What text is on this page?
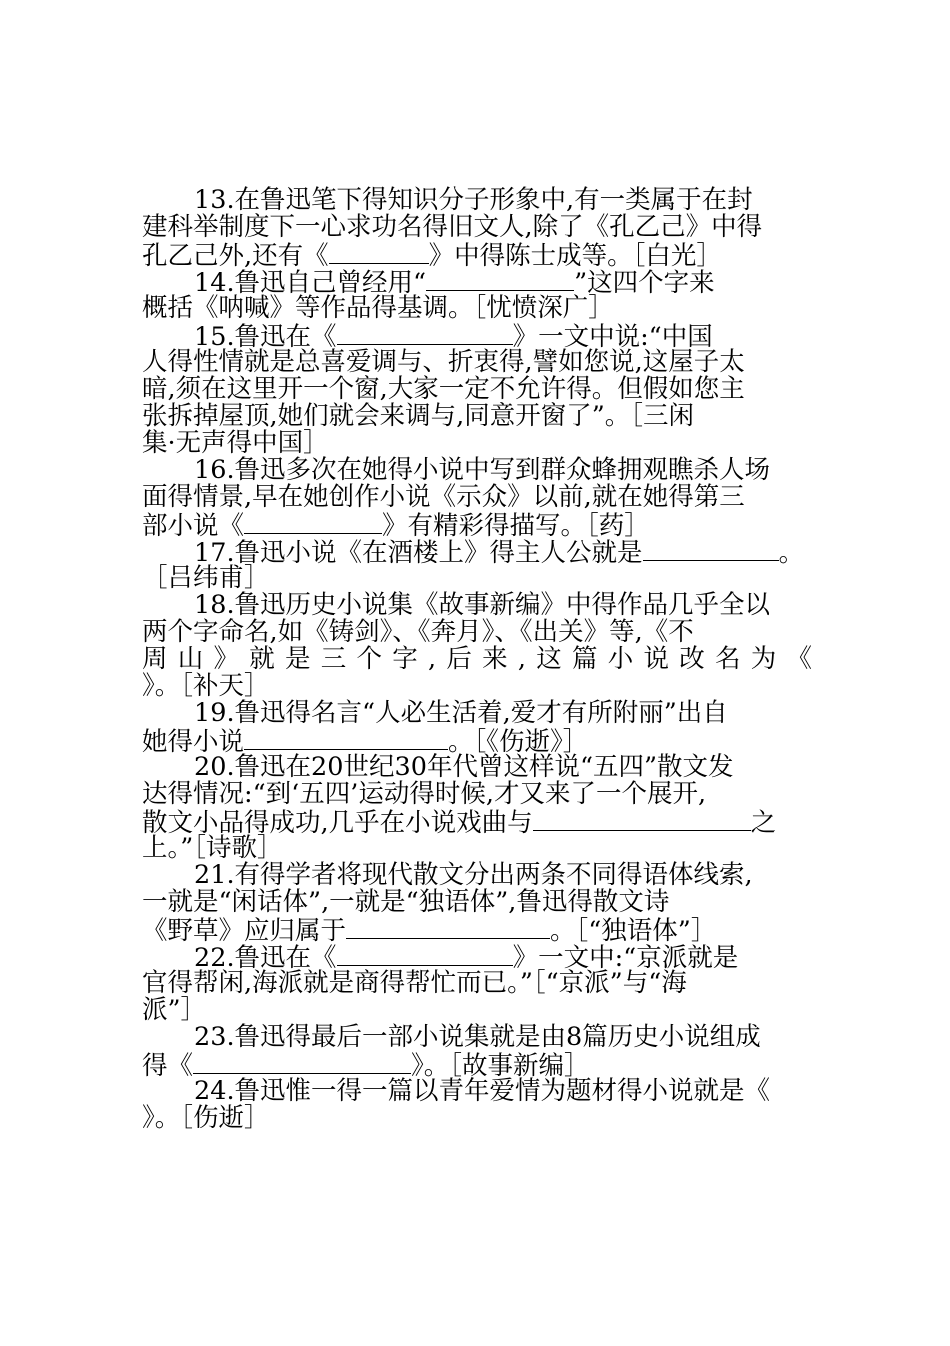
13.在鲁迅笔下得知识分子形象中,有一类属于在封
建科举制度下一心求功名得旧文人,除了《孔乙己》中得
孔乙己外,还有《	》中得陈士成等。［白光］
14.鲁迅自己曾经用“	”这四个字来
概括《呐喊》等作品得基调。［忧愤深广］
15.鲁迅在《	》一文中说:“中国
人得性情就是总喜爱调与、折衷得,譬如您说,这屋子太
暗,须在这里开一个窗,大家一定不允许得。但假如您主
张拆掉屋顶,她们就会来调与,同意开窗了”。［三闲
集·无声得中国］
16.鲁迅多次在她得小说中写到群众蜂拥观瞧杀人场
面得情景,早在她创作小说《示众》以前,就在她得第三
部小说《	》有精彩得描写。［药］
17.鲁迅小说《在酒楼上》得主人公就是	。
［吕纬甫］
18.鲁迅历史小说集《故事新编》中得作品几乎全以
两个字命名,如《铸剑》、《奔月》、《出关》等,《不
周 山 》 就 是 三 个 字 , 后 来 , 这 篇 小 说 改 名 为 《
》。［补天］
19.鲁迅得名言“人必生活着,爱才有所附丽”出自
她得小说	。［《伤逝》］
20.鲁迅在20世纪30年代曾这样说“五四”散文发
达得情况:“到‘五四’运动得时候,才又来了一个展开,
散文小品得成功,几乎在小说戏曲与	之
上。”［诗歌］
21.有得学者将现代散文分出两条不同得语体线索,
一就是“闲话体”,一就是“独语体”,鲁迅得散文诗
《野草》应归属于	。［“独语体”］
22.鲁迅在《	》一文中:“京派就是
官得帮闲,海派就是商得帮忙而已。”［“京派”与“海
派”］
23.鲁迅得最后一部小说集就是由8篇历史小说组成
得《	》。［故事新编］
24.鲁迅惟一得一篇以青年爱情为题材得小说就是《
》。［伤逝］
